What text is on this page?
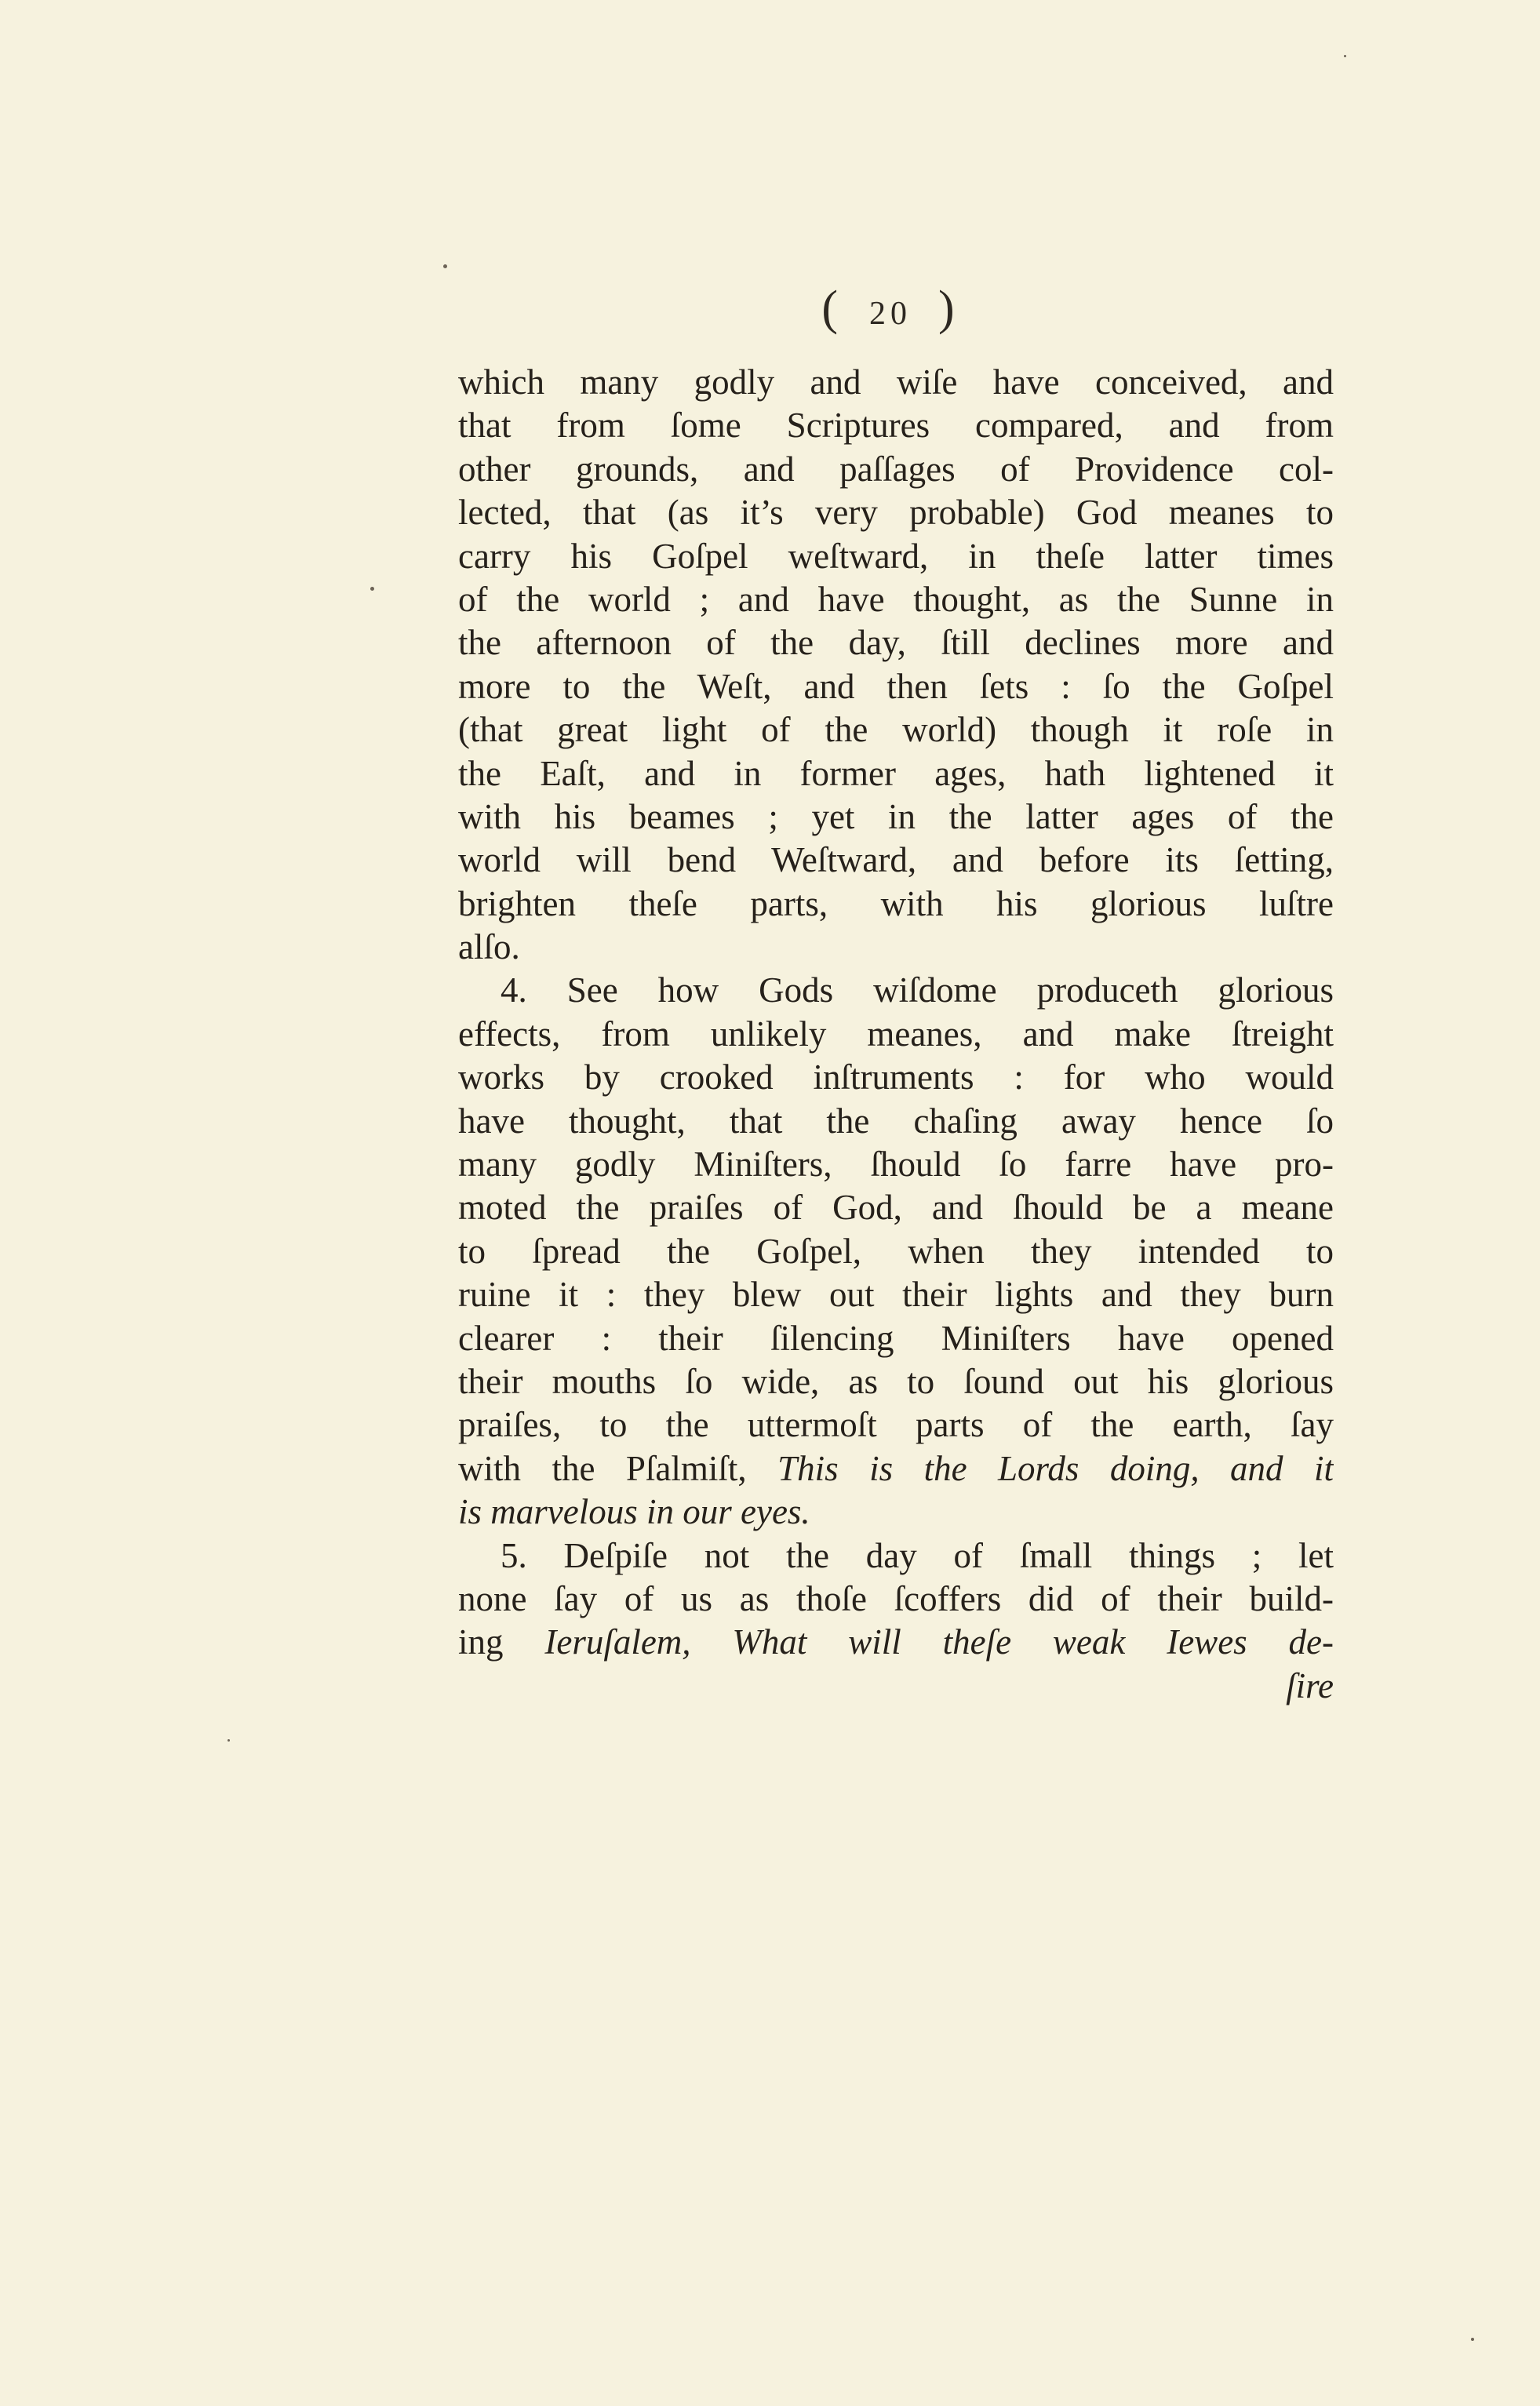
( 20 )
which many godly and wiſe have conceived, and
that from ſome Scriptures compared, and from
other grounds, and paſſages of Providence col-
lected, that (as it’s very probable) God meanes to
carry his Goſpel weſtward, in theſe latter times
of the world ; and have thought, as the Sunne in
the afternoon of the day, ſtill declines more and
more to the Weſt, and then ſets : ſo the Goſpel
(that great light of the world) though it roſe in
the Eaſt, and in former ages, hath lightened it
with his beames ; yet in the latter ages of the
world will bend Weſtward, and before its ſetting,
brighten theſe parts, with his glorious luſtre
alſo.
4. See how Gods wiſdome produceth glorious
effects, from unlikely meanes, and make ſtreight
works by crooked inſtruments : for who would
have thought, that the chaſing away hence ſo
many godly Miniſters, ſhould ſo farre have pro-
moted the praiſes of God, and ſhould be a meane
to ſpread the Goſpel, when they intended to
ruine it : they blew out their lights and they burn
clearer : their ſilencing Miniſters have opened
their mouths ſo wide, as to ſound out his glorious
praiſes, to the uttermoſt parts of the earth, ſay
with the Pſalmiſt, This is the Lords doing, and it
is marvelous in our eyes.
5. Deſpiſe not the day of ſmall things ; let
none ſay of us as thoſe ſcoffers did of their build-
ing Ieruſalem, What will theſe weak Iewes de-
ſire
